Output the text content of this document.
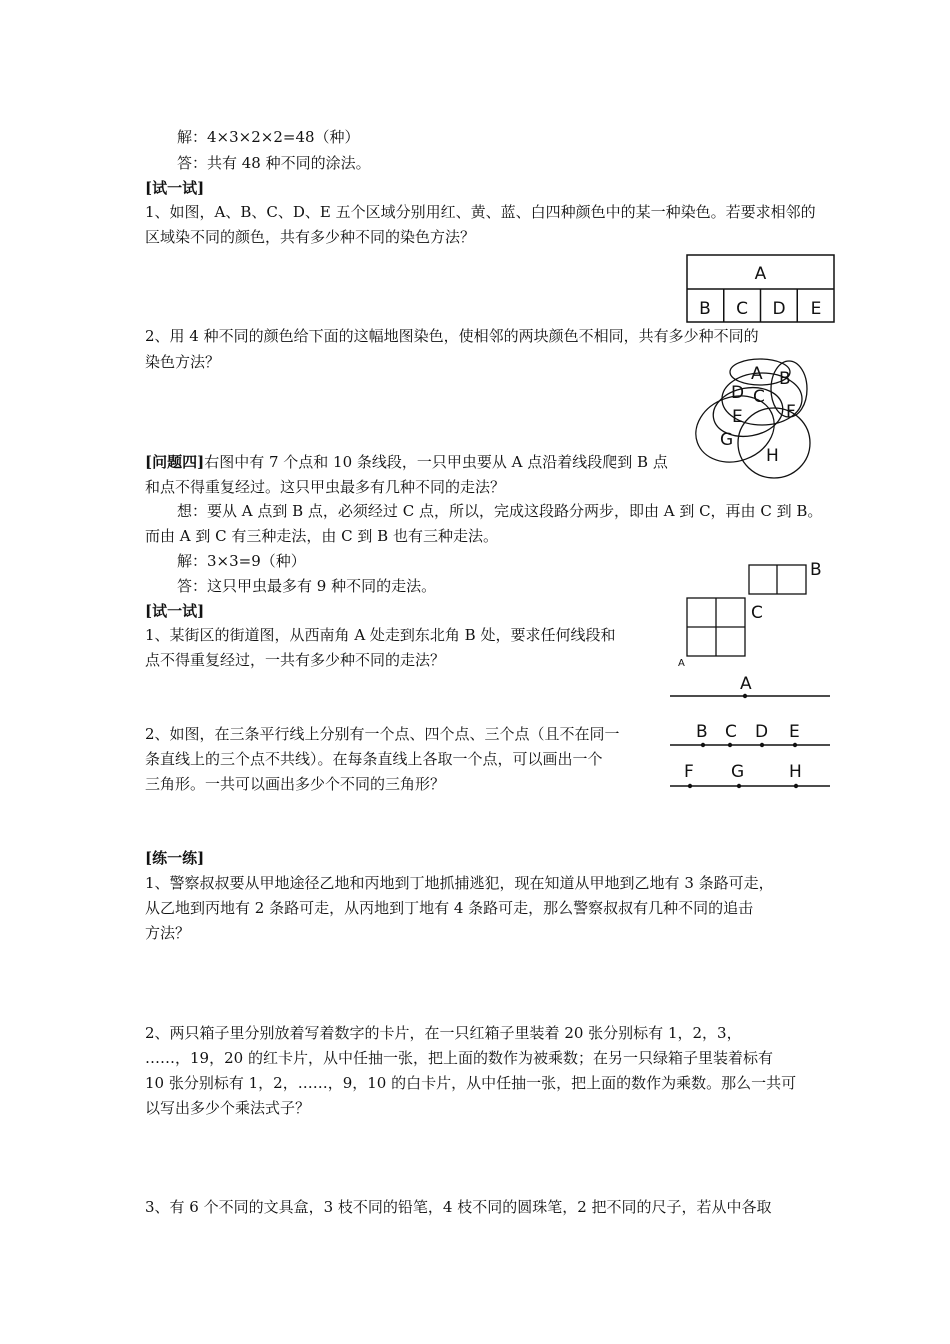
解：4×3×2×2=48（种）
答：共有 48 种不同的涂法。
[试一试]
1、如图，A、B、C、D、E 五个区域分别用红、黄、蓝、白四种颜色中的某一种染色。若要求相邻的
区域染不同的颜色，共有多少种不同的染色方法？
A
B C D E
2、用 4 种不同的颜色给下面的这幅地图染色，使相邻的两块颜色不相同，共有多少种不同的
染色方法？
A B
D C
E	F
G
H
[问题四]右图中有 7 个点和 10 条线段，一只甲虫要从 A 点沿着线段爬到 B 点
和点不得重复经过。这只甲虫最多有几种不同的走法？
想：要从 A 点到 B 点，必须经过 C 点，所以，完成这段路分两步，即由 A 到 C，再由 C 到 B。
而由 A 到 C 有三种走法，由 C 到 B 也有三种走法。
解：3×3=9（种）
答：这只甲虫最多有 9 种不同的走法。
[试一试]
1、某街区的街道图，从西南角 A 处走到东北角 B 处，要求任何线段和
点不得重复经过，一共有多少种不同的走法？	A
B
C
A
B C D E
F G	H
2、如图，在三条平行线上分别有一个点、四个点、三个点（且不在同一
条直线上的三个点不共线）。在每条直线上各取一个点，可以画出一个
三角形。一共可以画出多少个不同的三角形？
[练一练]
1、警察叔叔要从甲地途径乙地和丙地到丁地抓捕逃犯，现在知道从甲地到乙地有 3 条路可走，
从乙地到丙地有 2 条路可走，从丙地到丁地有 4 条路可走，那么警察叔叔有几种不同的追击
方法？
2、两只箱子里分别放着写着数字的卡片，在一只红箱子里装着 20 张分别标有 1，2，3，
……，19，20 的红卡片，从中任抽一张，把上面的数作为被乘数；在另一只绿箱子里装着标有
10 张分别标有 1，2，……，9，10 的白卡片，从中任抽一张，把上面的数作为乘数。那么一共可
以写出多少个乘法式子？
3、有 6 个不同的文具盒，3 枝不同的铅笔，4 枝不同的圆珠笔，2 把不同的尺子，若从中各取
